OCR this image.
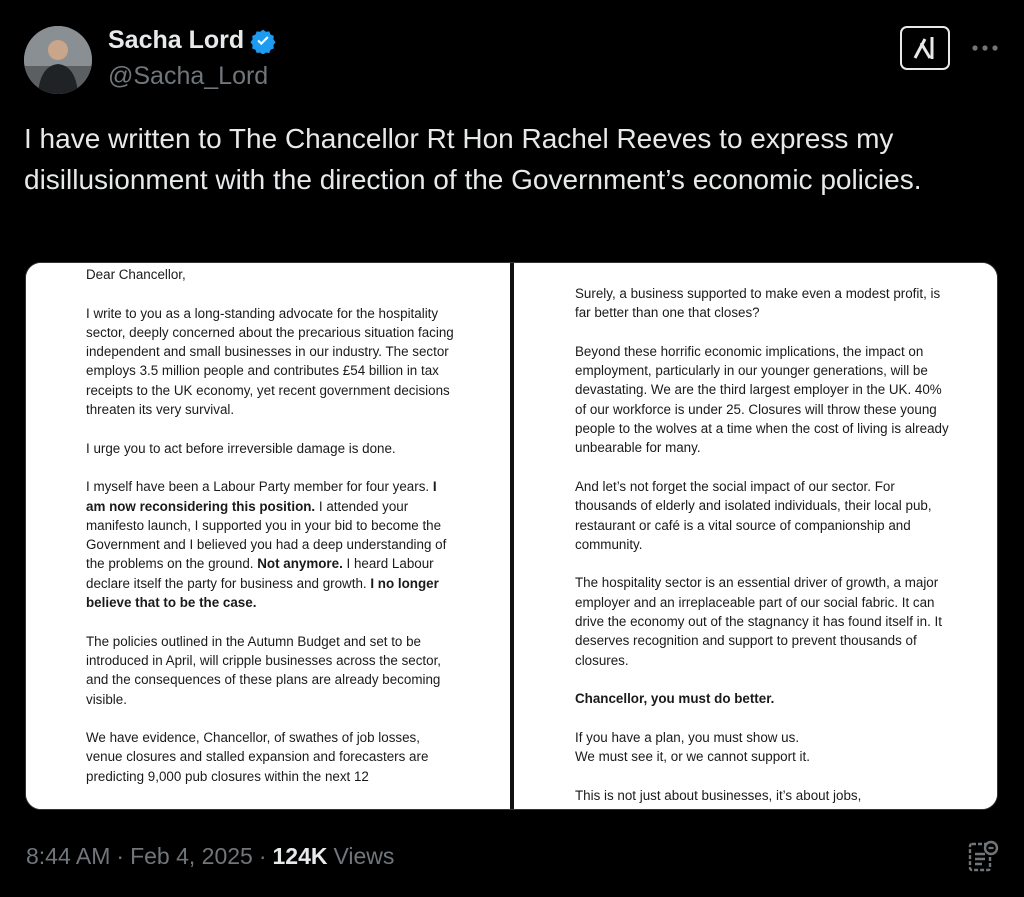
Sacha Lord
@Sacha_Lord

I have written to The Chancellor Rt Hon Rachel Reeves to express my disillusionment with the direction of the Government’s economic policies.

Dear Chancellor,

I write to you as a long-standing advocate for the hospitality sector, deeply concerned about the precarious situation facing independent and small businesses in our industry. The sector employs 3.5 million people and contributes £54 billion in tax receipts to the UK economy, yet recent government decisions threaten its very survival.

I urge you to act before irreversible damage is done.

I myself have been a Labour Party member for four years. I am now reconsidering this position. I attended your manifesto launch, I supported you in your bid to become the Government and I believed you had a deep understanding of the problems on the ground. Not anymore. I heard Labour declare itself the party for business and growth. I no longer believe that to be the case.

The policies outlined in the Autumn Budget and set to be introduced in April, will cripple businesses across the sector, and the consequences of these plans are already becoming visible.

We have evidence, Chancellor, of swathes of job losses, venue closures and stalled expansion and forecasters are predicting 9,000 pub closures within the next 12

Surely, a business supported to make even a modest profit, is far better than one that closes?

Beyond these horrific economic implications, the impact on employment, particularly in our younger generations, will be devastating. We are the third largest employer in the UK. 40% of our workforce is under 25. Closures will throw these young people to the wolves at a time when the cost of living is already unbearable for many.

And let’s not forget the social impact of our sector. For thousands of elderly and isolated individuals, their local pub, restaurant or café is a vital source of companionship and community.

The hospitality sector is an essential driver of growth, a major employer and an irreplaceable part of our social fabric. It can drive the economy out of the stagnancy it has found itself in. It deserves recognition and support to prevent thousands of closures.

Chancellor, you must do better.

If you have a plan, you must show us.
We must see it, or we cannot support it.

This is not just about businesses, it’s about jobs,

8:44 AM · Feb 4, 2025 · 124K Views
